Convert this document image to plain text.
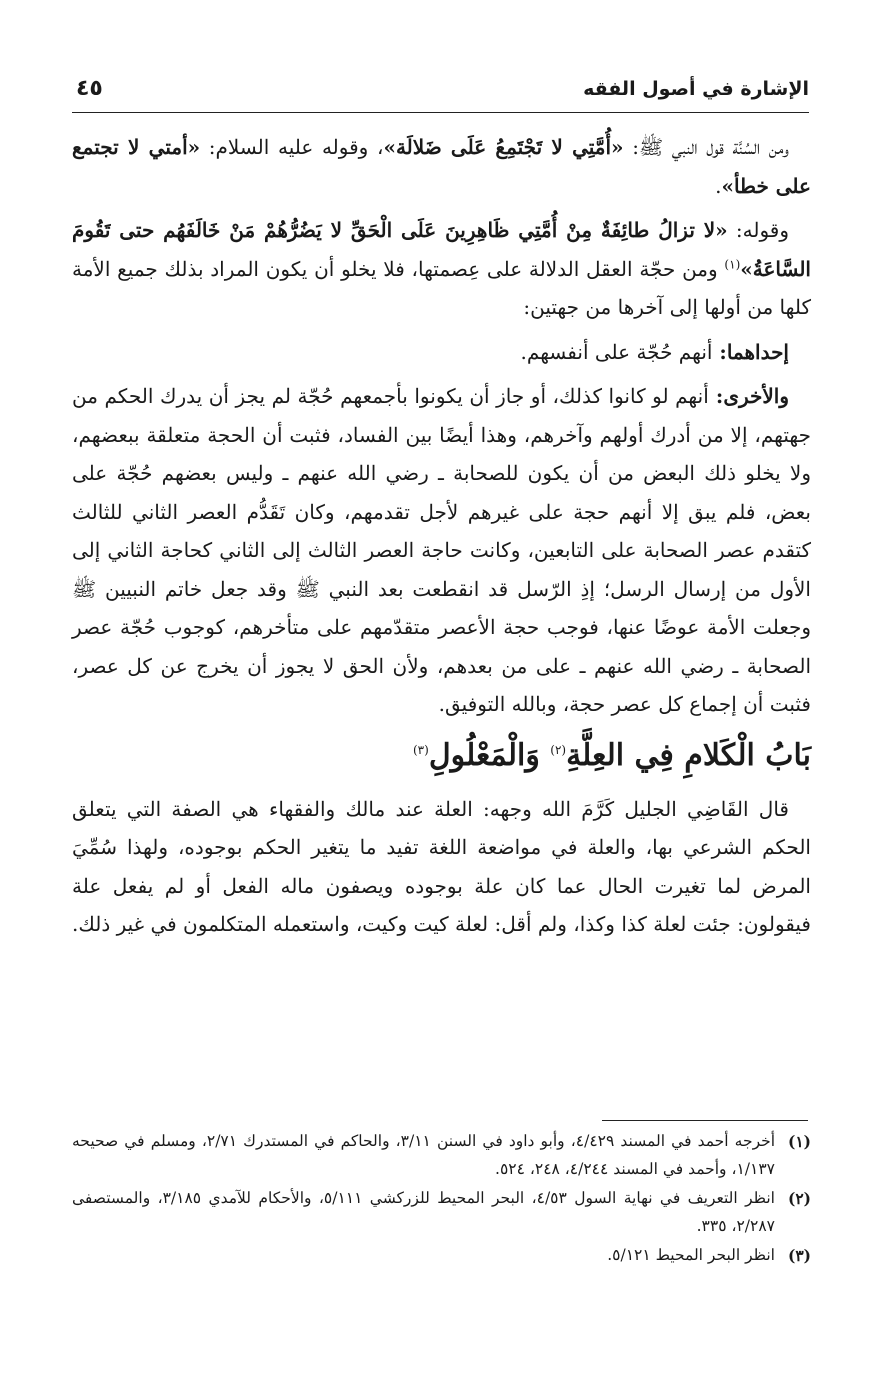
الإشارة في أصول الفقه
٤٥

ومن السُنَّة قول النبي ﷺ: «أُمَّتِي لا تَجْتَمِعُ عَلَى ضَلالَة»، وقوله عليه السلام: «أمتي لا تجتمع على خطأ».

وقوله: «لا تزالُ طائِفَةٌ مِنْ أُمَّتِي ظَاهِرِينَ عَلَى الْحَقِّ لا يَضُرُّهُمْ مَنْ خَالَفَهُم حتى تَقُومَ السَّاعَةُ»$^{(١)}$ ومن حجّة العقل الدلالة على عِصمتها، فلا يخلو أن يكون المراد بذلك جميع الأمة كلها من أولها إلى آخرها من جهتين:

إحداهما: أنهم حُجّة على أنفسهم.

والأخرى: أنهم لو كانوا كذلك، أو جاز أن يكونوا بأجمعهم حُجّة لم يجز أن يدرك الحكم من جهتهم، إلا من أدرك أولهم وآخرهم، وهذا أيضًا بين الفساد، فثبت أن الحجة متعلقة ببعضهم، ولا يخلو ذلك البعض من أن يكون للصحابة ـ رضي الله عنهم ـ وليس بعضهم حُجّة على بعض، فلم يبق إلا أنهم حجة على غيرهم لأجل تقدمهم، وكان تَقَدُّم العصر الثاني للثالث كتقدم عصر الصحابة على التابعين، وكانت حاجة العصر الثالث إلى الثاني كحاجة الثاني إلى الأول من إرسال الرسل؛ إذِ الرّسل قد انقطعت بعد النبي ﷺ وقد جعل خاتم النبيين ﷺ وجعلت الأمة عوضًا عنها، فوجب حجة الأعصر متقدّمهم على متأخرهم، كوجوب حُجّة عصر الصحابة ـ رضي الله عنهم ـ على من بعدهم، ولأن الحق لا يجوز أن يخرج عن كل عصر، فثبت أن إجماع كل عصر حجة، وبالله التوفيق.

بَابُ الْكَلامِ فِي العِلَّةِ$^{(٢)}$ وَالْمَعْلُولِ$^{(٣)}$

قال القَاضِي الجليل كَرَّمَ الله وجهه: العلة عند مالك والفقهاء هي الصفة التي يتعلق الحكم الشرعي بها، والعلة في مواضعة اللغة تفيد ما يتغير الحكم بوجوده، ولهذا سُمِّيَ المرض لما تغيرت الحال عما كان علة بوجوده ويصفون ماله الفعل أو لم يفعل علة فيقولون: جئت لعلة كذا وكذا، ولم أقل: لعلة كيت وكيت، واستعمله المتكلمون في غير ذلك.

(١)
أخرجه أحمد في المسند ٤/٤٢٩، وأبو داود في السنن ٣/١١، والحاكم في المستدرك ٢/٧١، ومسلم في صحيحه ١/١٣٧، وأحمد في المسند ٤/٢٤٤، ٢٤٨، ٥٢٤.
(٢)
انظر التعريف في نهاية السول ٤/٥٣، البحر المحيط للزركشي ٥/١١١، والأحكام للآمدي ٣/١٨٥، والمستصفى ٢/٢٨٧، ٣٣٥.
(٣)
انظر البحر المحيط ٥/١٢١.
